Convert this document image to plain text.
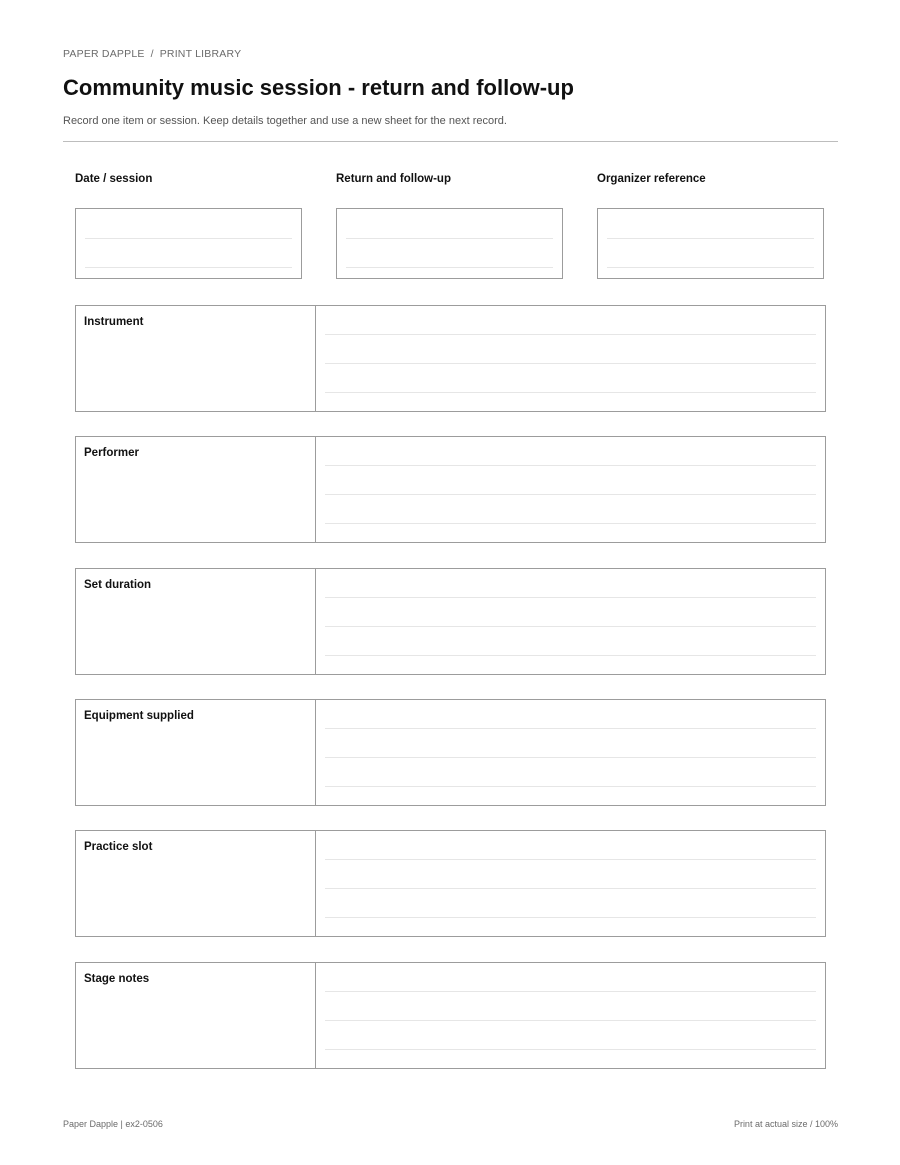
PAPER DAPPLE / PRINT LIBRARY
Community music session - return and follow-up
Record one item or session. Keep details together and use a new sheet for the next record.
Date / session	Return and follow-up	Organizer reference
Instrument
Performer
Set duration
Equipment supplied
Practice slot
Stage notes
Paper Dapple | ex2-0506	Print at actual size / 100%
